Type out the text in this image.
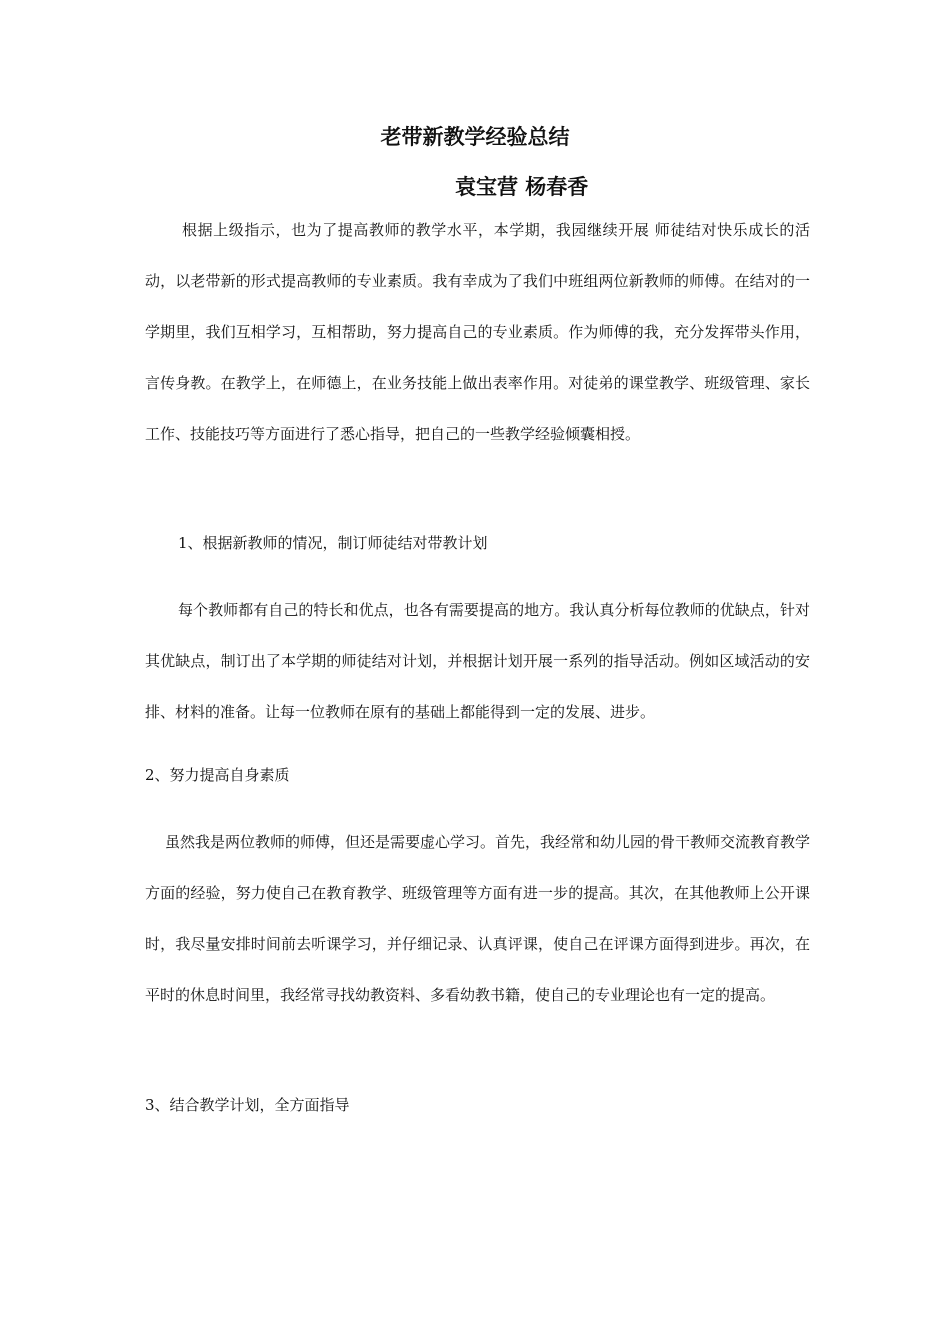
老带新教学经验总结
袁宝营 杨春香

根据上级指示，也为了提高教师的教学水平，本学期，我园继续开展 师徒结对快乐成长的活动，以老带新的形式提高教师的专业素质。我有幸成为了我们中班组两位新教师的师傅。在结对的一学期里，我们互相学习，互相帮助，努力提高自己的专业素质。作为师傅的我，充分发挥带头作用，言传身教。在教学上，在师德上，在业务技能上做出表率作用。对徒弟的课堂教学、班级管理、家长工作、技能技巧等方面进行了悉心指导，把自己的一些教学经验倾囊相授。

1、根据新教师的情况，制订师徒结对带教计划

每个教师都有自己的特长和优点，也各有需要提高的地方。我认真分析每位教师的优缺点，针对其优缺点，制订出了本学期的师徒结对计划，并根据计划开展一系列的指导活动。例如区域活动的安排、材料的准备。让每一位教师在原有的基础上都能得到一定的发展、进步。

2、努力提高自身素质

虽然我是两位教师的师傅，但还是需要虚心学习。首先，我经常和幼儿园的骨干教师交流教育教学方面的经验，努力使自己在教育教学、班级管理等方面有进一步的提高。其次，在其他教师上公开课时，我尽量安排时间前去听课学习，并仔细记录、认真评课，使自己在评课方面得到进步。再次，在平时的休息时间里，我经常寻找幼教资料、多看幼教书籍，使自己的专业理论也有一定的提高。

3、结合教学计划，全方面指导
